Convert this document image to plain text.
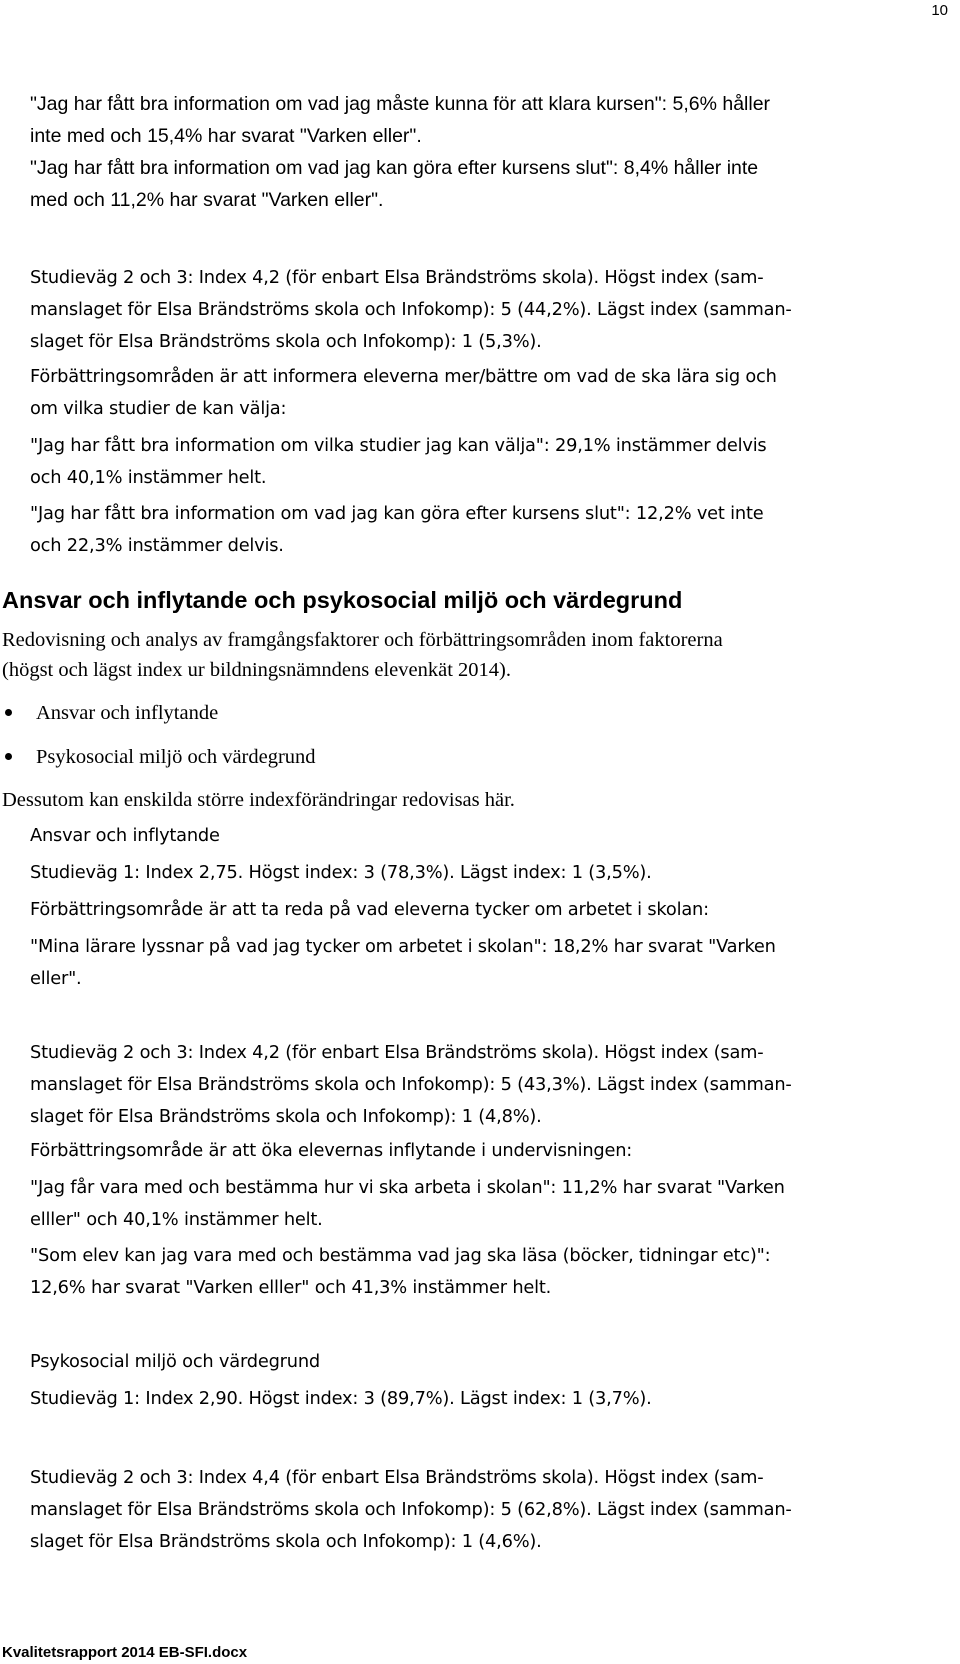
10
"Jag har fått bra information om vad jag måste kunna för att klara kursen": 5,6% håller
inte med och 15,4% har svarat "Varken eller".
"Jag har fått bra information om vad jag kan göra efter kursens slut": 8,4% håller inte
med och 11,2% har svarat "Varken eller".
Studieväg 2 och 3: Index 4,2 (för enbart Elsa Brändströms skola). Högst index (sam-
manslaget för Elsa Brändströms skola och Infokomp): 5 (44,2%). Lägst index (samman-
slaget för Elsa Brändströms skola och Infokomp): 1 (5,3%).
Förbättringsområden är att informera eleverna mer/bättre om vad de ska lära sig och
om vilka studier de kan välja:
"Jag har fått bra information om vilka studier jag kan välja": 29,1% instämmer delvis
och 40,1% instämmer helt.
"Jag har fått bra information om vad jag kan göra efter kursens slut": 12,2% vet inte
och 22,3% instämmer delvis.
Ansvar och inflytande och psykosocial miljö och värdegrund
Redovisning och analys av framgångsfaktorer och förbättringsområden inom faktorerna
(högst och lägst index ur bildningsnämndens elevenkät 2014).
Ansvar och inflytande
Psykosocial miljö och värdegrund
Dessutom kan enskilda större indexförändringar redovisas här.
Ansvar och inflytande
Studieväg 1: Index 2,75. Högst index: 3 (78,3%). Lägst index: 1 (3,5%).
Förbättringsområde är att ta reda på vad eleverna tycker om arbetet i skolan:
"Mina lärare lyssnar på vad jag tycker om arbetet i skolan": 18,2% har svarat "Varken
eller".
Studieväg 2 och 3: Index 4,2 (för enbart Elsa Brändströms skola). Högst index (sam-
manslaget för Elsa Brändströms skola och Infokomp): 5 (43,3%). Lägst index (samman-
slaget för Elsa Brändströms skola och Infokomp): 1 (4,8%).
Förbättringsområde är att öka elevernas inflytande i undervisningen:
"Jag får vara med och bestämma hur vi ska arbeta i skolan": 11,2% har svarat "Varken
elller" och 40,1% instämmer helt.
"Som elev kan jag vara med och bestämma vad jag ska läsa (böcker, tidningar etc)":
12,6% har svarat "Varken elller" och 41,3% instämmer helt.
Psykosocial miljö och värdegrund
Studieväg 1: Index 2,90. Högst index: 3 (89,7%). Lägst index: 1 (3,7%).
Studieväg 2 och 3: Index 4,4 (för enbart Elsa Brändströms skola). Högst index (sam-
manslaget för Elsa Brändströms skola och Infokomp): 5 (62,8%). Lägst index (samman-
slaget för Elsa Brändströms skola och Infokomp): 1 (4,6%).
Kvalitetsrapport 2014 EB-SFI.docx
